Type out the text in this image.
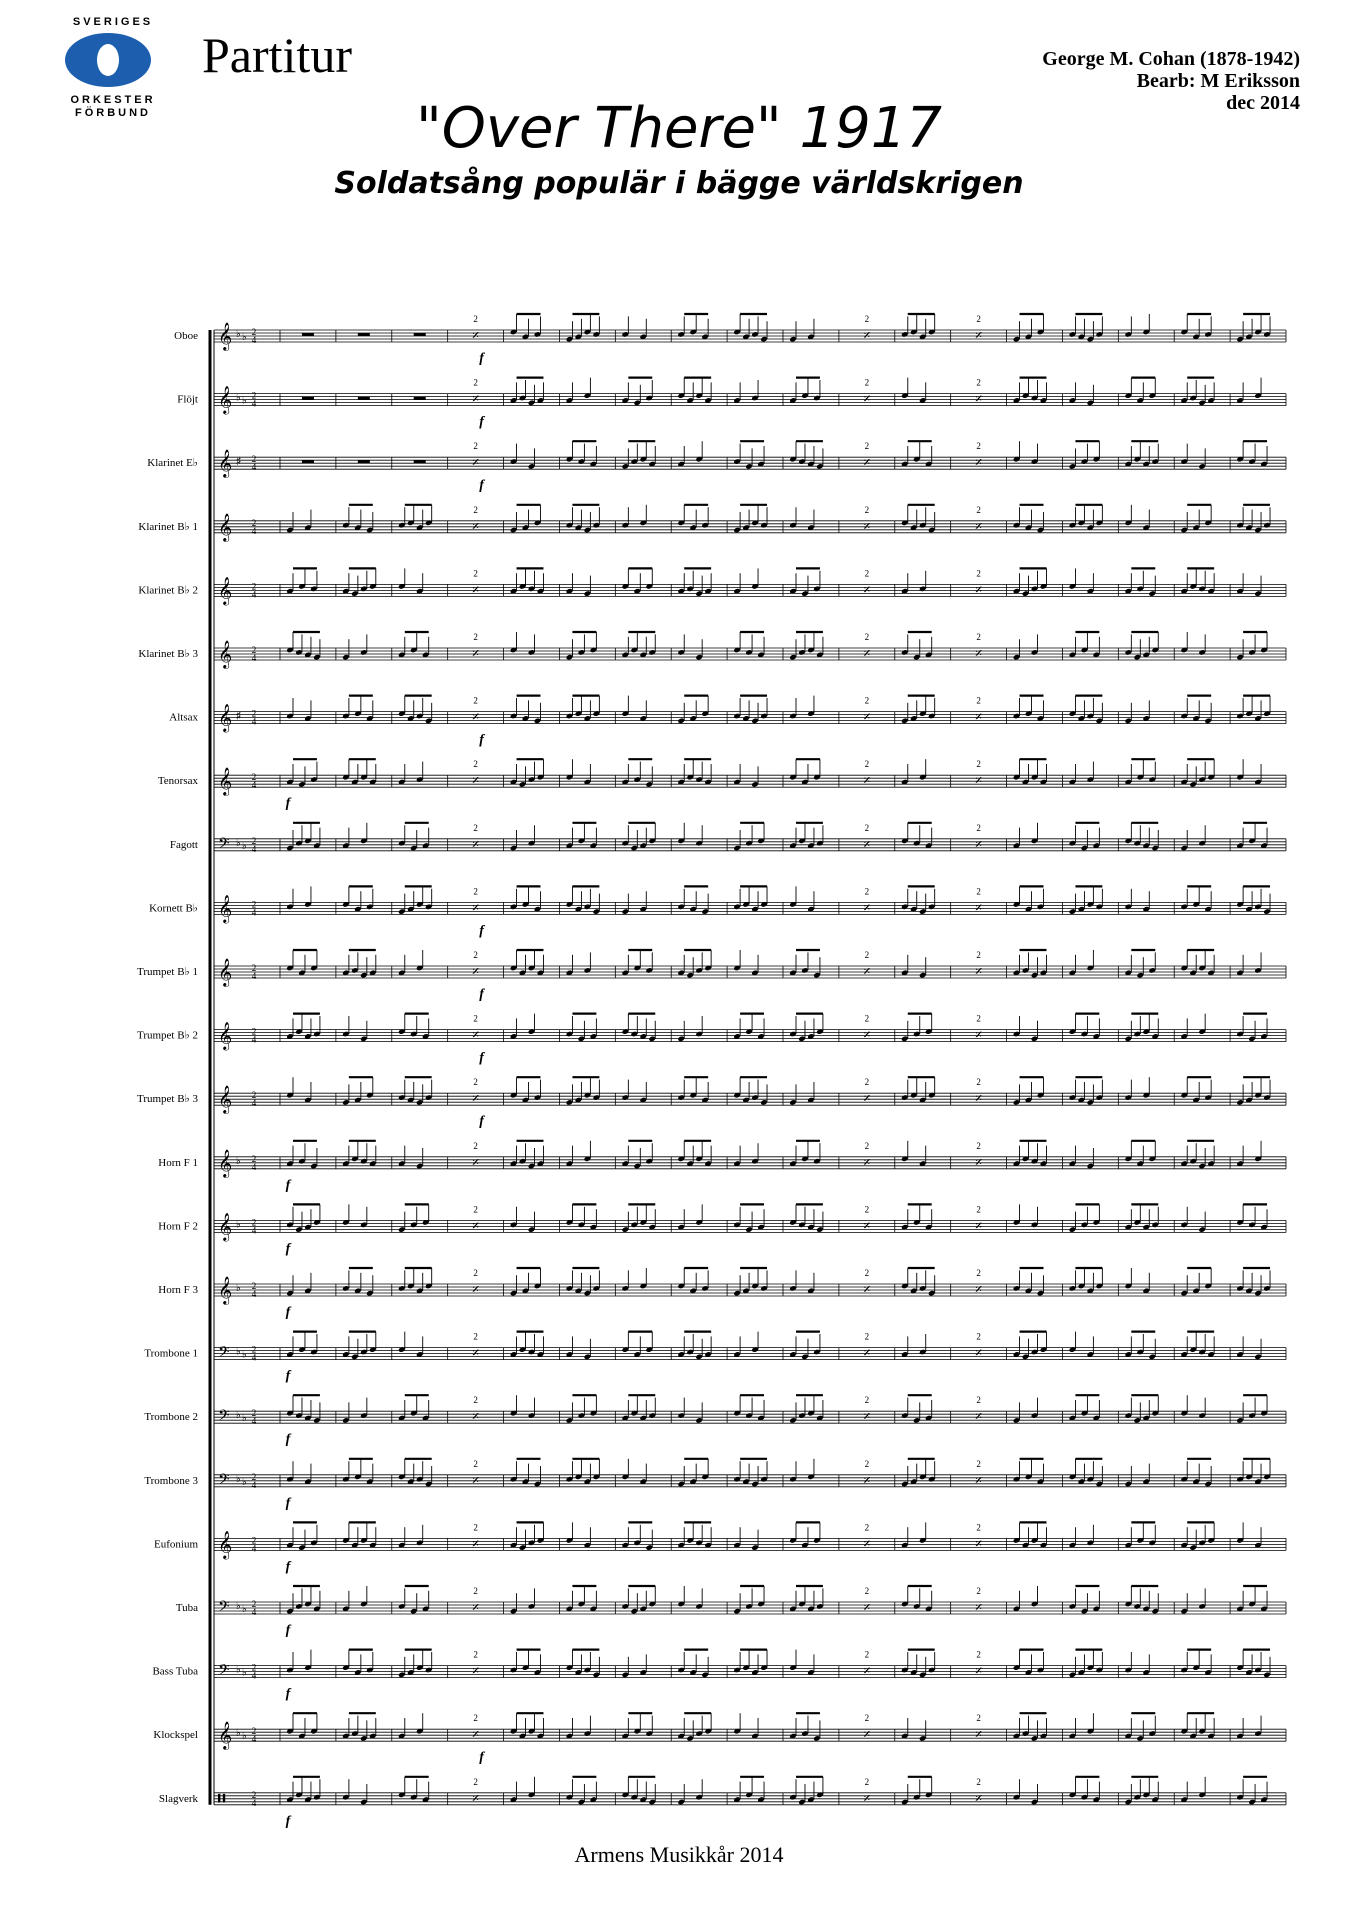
SVERIGES
ORKESTER
FÖRBUND
Partitur	George M. Cohan (1878-1942)
Bearb: M Eriksson
dec 2014
"Over There" 1917
Soldatsång populär i bägge världskrigen
Oboe 𝄞 ♭ ♭ 2
4	𝄎
2
𝄎
2
𝄎
2
f
Flöjt 𝄞 ♭ ♭ 2
4	𝄎
2
𝄎
2
𝄎
2
f
Klarinet E♭ 𝄞 ♯ 2
4	𝄎
2
𝄎
2
𝄎
2
f
Klarinet B♭ 1 𝄞 2
4	𝄎
2
𝄎
2
𝄎
2
Klarinet B♭ 2 𝄞 2
4	𝄎
2
𝄎
2
𝄎
2
Klarinet B♭ 3 𝄞 2
4	𝄎
2
𝄎
2
𝄎
2
Altsax 𝄞 ♯ 2
4	𝄎
2
𝄎
2
𝄎
2
f
Tenorsax 𝄞 2
4	𝄎
2
𝄎
2
𝄎
2
f
Fagott 𝄢 ♭ ♭ 2
4	𝄎
2
𝄎
2
𝄎
2
Kornett B♭ 𝄞 2
4	𝄎
2
𝄎
2
𝄎
2
f
Trumpet B♭ 1 𝄞 2
4	𝄎
2
𝄎
2
𝄎
2
f
Trumpet B♭ 2 𝄞 2
4	𝄎
2
𝄎
2
𝄎
2
f
Trumpet B♭ 3 𝄞 2
4	𝄎
2
𝄎
2
𝄎
2
f
Horn F 1 𝄞 ♭ 2
4	𝄎
2
𝄎
2
𝄎
2
f
Horn F 2 𝄞 ♭ 2
4	𝄎
2
𝄎
2
𝄎
2
f
Horn F 3 𝄞 ♭ 2
4	𝄎
2
𝄎
2
𝄎
2
f
Trombone 1 𝄢 ♭ ♭ 2
4	𝄎
2
𝄎
2
𝄎
2
f
Trombone 2 𝄢 ♭ ♭ 2
4	𝄎
2
𝄎
2
𝄎
2
f
Trombone 3 𝄢 ♭ ♭ 2
4	𝄎
2
𝄎
2
𝄎
2
f
Eufonium 𝄞 2
4	𝄎
2
𝄎
2
𝄎
2
f
Tuba 𝄢 ♭ ♭ 2
4	𝄎
2
𝄎
2
𝄎
2
f
Bass Tuba 𝄢 ♭ ♭ 2
4	𝄎
2
𝄎
2
𝄎
2
f
Klockspel 𝄞 ♭ ♭ 2
4	𝄎
2
𝄎
2
𝄎
2
f
Slagverk 𝄥	2
4	𝄎
2
𝄎
2
𝄎
2
f
Armens Musikkår 2014
